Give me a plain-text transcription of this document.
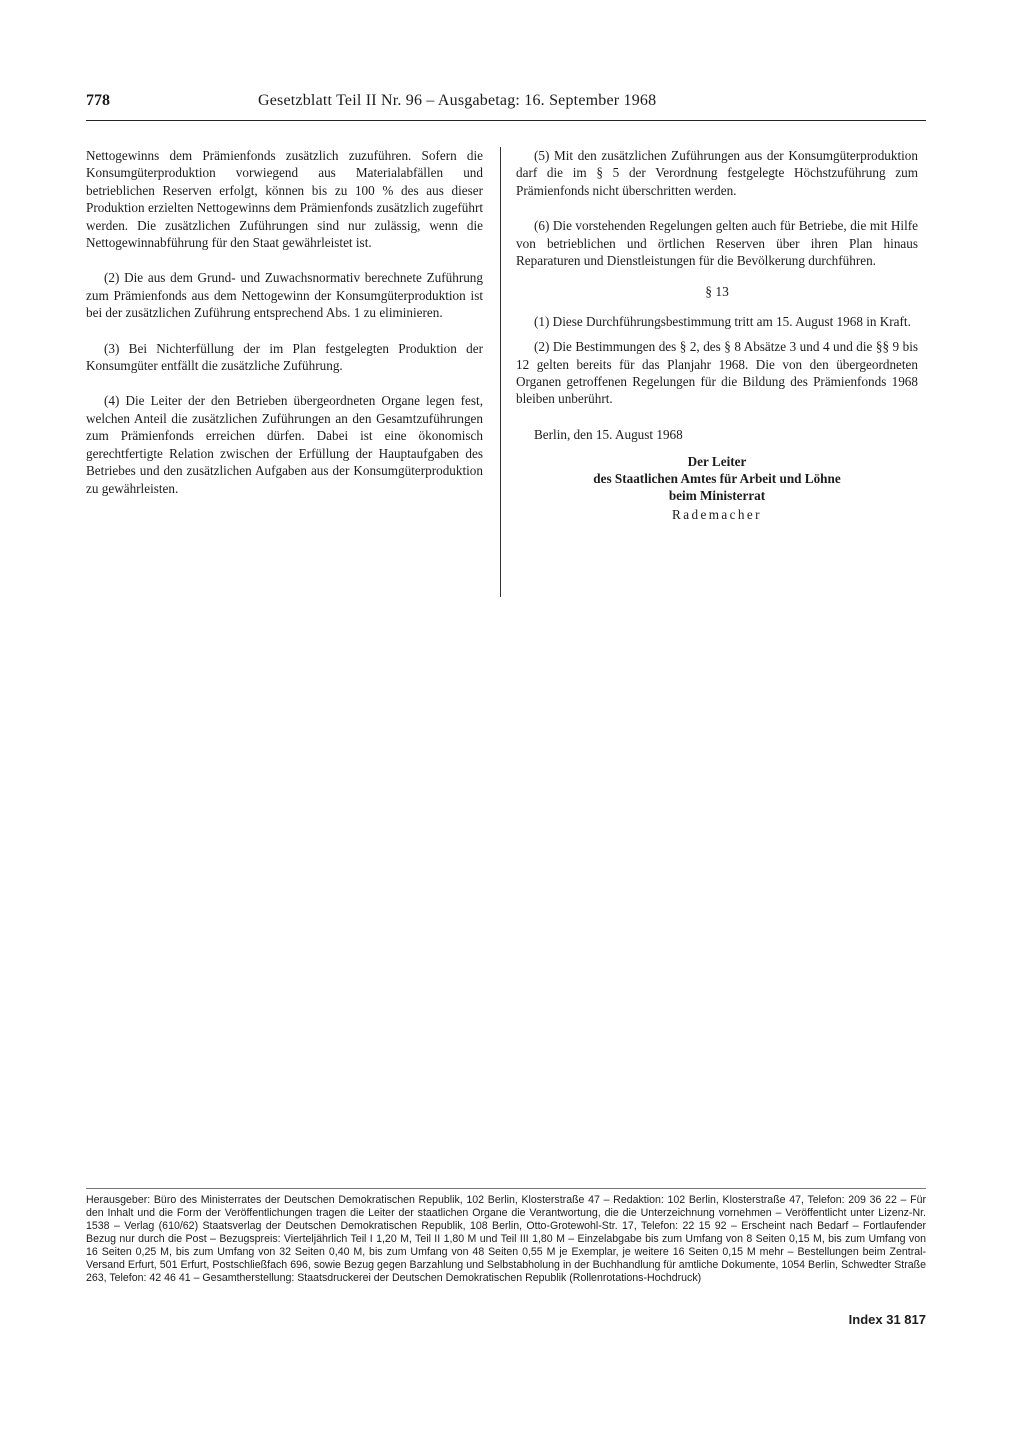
778	Gesetzblatt Teil II Nr. 96 – Ausgabetag: 16. September 1968

Nettogewinns dem Prämienfonds zusätzlich zuzuführen. Sofern die Konsumgüterproduktion vorwiegend aus Materialabfällen und betrieblichen Reserven erfolgt, können bis zu 100 % des aus dieser Produktion erzielten Nettogewinns dem Prämienfonds zusätzlich zugeführt werden. Die zusätzlichen Zuführungen sind nur zulässig, wenn die Nettogewinnabführung für den Staat gewährleistet ist.

(2) Die aus dem Grund- und Zuwachsnormativ berechnete Zuführung zum Prämienfonds aus dem Nettogewinn der Konsumgüterproduktion ist bei der zusätzlichen Zuführung entsprechend Abs. 1 zu eliminieren.

(3) Bei Nichterfüllung der im Plan festgelegten Produktion der Konsumgüter entfällt die zusätzliche Zuführung.

(4) Die Leiter der den Betrieben übergeordneten Organe legen fest, welchen Anteil die zusätzlichen Zuführungen an den Gesamtzuführungen zum Prämienfonds erreichen dürfen. Dabei ist eine ökonomisch gerechtfertigte Relation zwischen der Erfüllung der Hauptaufgaben des Betriebes und den zusätzlichen Aufgaben aus der Konsumgüterproduktion zu gewährleisten.

(5) Mit den zusätzlichen Zuführungen aus der Konsumgüterproduktion darf die im § 5 der Verordnung festgelegte Höchstzuführung zum Prämienfonds nicht überschritten werden.

(6) Die vorstehenden Regelungen gelten auch für Betriebe, die mit Hilfe von betrieblichen und örtlichen Reserven über ihren Plan hinaus Reparaturen und Dienstleistungen für die Bevölkerung durchführen.

§ 13

(1) Diese Durchführungsbestimmung tritt am 15. August 1968 in Kraft.

(2) Die Bestimmungen des § 2, des § 8 Absätze 3 und 4 und die §§ 9 bis 12 gelten bereits für das Planjahr 1968. Die von den übergeordneten Organen getroffenen Regelungen für die Bildung des Prämienfonds 1968 bleiben unberührt.

Berlin, den 15. August 1968

Der Leiter
des Staatlichen Amtes für Arbeit und Löhne
beim Ministerrat
Rademacher
Herausgeber: Büro des Ministerrates der Deutschen Demokratischen Republik, 102 Berlin, Klosterstraße 47 – Redaktion: 102 Berlin, Klosterstraße 47, Telefon: 209 36 22 – Für den Inhalt und die Form der Veröffentlichungen tragen die Leiter der staatlichen Organe die Verantwortung, die die Unterzeichnung vornehmen – Veröffentlicht unter Lizenz-Nr. 1538 – Verlag (610/62) Staatsverlag der Deutschen Demokratischen Republik, 108 Berlin, Otto-Grotewohl-Str. 17, Telefon: 22 15 92 – Erscheint nach Bedarf – Fortlaufender Bezug nur durch die Post – Bezugspreis: Vierteljährlich Teil I 1,20 M, Teil II 1,80 M und Teil III 1,80 M – Einzelabgabe bis zum Umfang von 8 Seiten 0,15 M, bis zum Umfang von 16 Seiten 0,25 M, bis zum Umfang von 32 Seiten 0,40 M, bis zum Umfang von 48 Seiten 0,55 M je Exemplar, je weitere 16 Seiten 0,15 M mehr – Bestellungen beim Zentral-Versand Erfurt, 501 Erfurt, Postschließfach 696, sowie Bezug gegen Barzahlung und Selbstabholung in der Buchhandlung für amtliche Dokumente, 1054 Berlin, Schwedter Straße 263, Telefon: 42 46 41 – Gesamtherstellung: Staatsdruckerei der Deutschen Demokratischen Republik (Rollenrotations-Hochdruck)
Index 31 817
